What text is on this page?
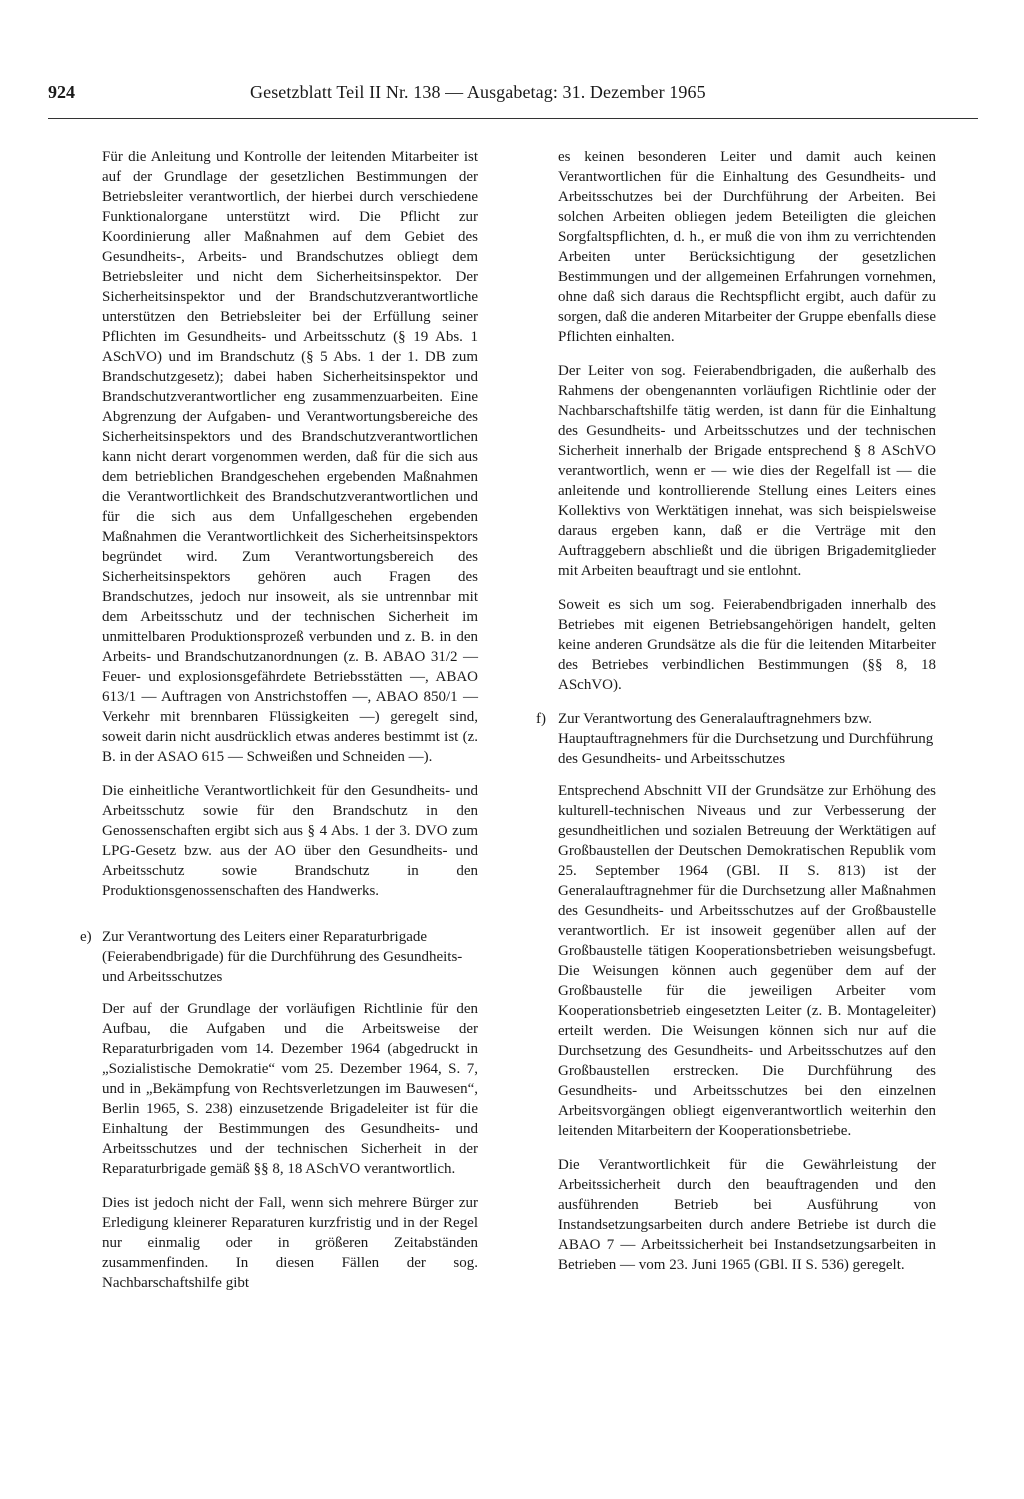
924	Gesetzblatt Teil II Nr. 138 — Ausgabetag: 31. Dezember 1965

Für die Anleitung und Kontrolle der leitenden Mitarbeiter ist auf der Grundlage der gesetzlichen Bestimmungen der Betriebsleiter verantwortlich, der hierbei durch verschiedene Funktionalorgane unterstützt wird. Die Pflicht zur Koordinierung aller Maßnahmen auf dem Gebiet des Gesundheits-, Arbeits- und Brandschutzes obliegt dem Betriebsleiter und nicht dem Sicherheitsinspektor. Der Sicherheitsinspektor und der Brandschutzverantwortliche unterstützen den Betriebsleiter bei der Erfüllung seiner Pflichten im Gesundheits- und Arbeitsschutz (§ 19 Abs. 1 ASchVO) und im Brandschutz (§ 5 Abs. 1 der 1. DB zum Brandschutzgesetz); dabei haben Sicherheitsinspektor und Brandschutzverantwortlicher eng zusammenzuarbeiten. Eine Abgrenzung der Aufgaben- und Verantwortungsbereiche des Sicherheitsinspektors und des Brandschutzverantwortlichen kann nicht derart vorgenommen werden, daß für die sich aus dem betrieblichen Brandgeschehen ergebenden Maßnahmen die Verantwortlichkeit des Brandschutzverantwortlichen und für die sich aus dem Unfallgeschehen ergebenden Maßnahmen die Verantwortlichkeit des Sicherheitsinspektors begründet wird. Zum Verantwortungsbereich des Sicherheitsinspektors gehören auch Fragen des Brandschutzes, jedoch nur insoweit, als sie untrennbar mit dem Arbeitsschutz und der technischen Sicherheit im unmittelbaren Produktionsprozeß verbunden und z. B. in den Arbeits- und Brandschutzanordnungen (z. B. ABAO 31/2 — Feuer- und explosionsgefährdete Betriebsstätten —, ABAO 613/1 — Auftragen von Anstrichstoffen —, ABAO 850/1 — Verkehr mit brennbaren Flüssigkeiten —) geregelt sind, soweit darin nicht ausdrücklich etwas anderes bestimmt ist (z. B. in der ASAO 615 — Schweißen und Schneiden —).

Die einheitliche Verantwortlichkeit für den Gesundheits- und Arbeitsschutz sowie für den Brandschutz in den Genossenschaften ergibt sich aus § 4 Abs. 1 der 3. DVO zum LPG-Gesetz bzw. aus der AO über den Gesundheits- und Arbeitsschutz sowie Brandschutz in den Produktionsgenossenschaften des Handwerks.

e) Zur Verantwortung des Leiters einer Reparaturbrigade (Feierabendbrigade) für die Durchführung des Gesundheits- und Arbeitsschutzes

Der auf der Grundlage der vorläufigen Richtlinie für den Aufbau, die Aufgaben und die Arbeitsweise der Reparaturbrigaden vom 14. Dezember 1964 (abgedruckt in „Sozialistische Demokratie“ vom 25. Dezember 1964, S. 7, und in „Bekämpfung von Rechtsverletzungen im Bauwesen“, Berlin 1965, S. 238) einzusetzende Brigadeleiter ist für die Einhaltung der Bestimmungen des Gesundheits- und Arbeitsschutzes und der technischen Sicherheit in der Reparaturbrigade gemäß §§ 8, 18 ASchVO verantwortlich.

Dies ist jedoch nicht der Fall, wenn sich mehrere Bürger zur Erledigung kleinerer Reparaturen kurzfristig und in der Regel nur einmalig oder in größeren Zeitabständen zusammenfinden. In diesen Fällen der sog. Nachbarschaftshilfe gibt

es keinen besonderen Leiter und damit auch keinen Verantwortlichen für die Einhaltung des Gesundheits- und Arbeitsschutzes bei der Durchführung der Arbeiten. Bei solchen Arbeiten obliegen jedem Beteiligten die gleichen Sorgfaltspflichten, d. h., er muß die von ihm zu verrichtenden Arbeiten unter Berücksichtigung der gesetzlichen Bestimmungen und der allgemeinen Erfahrungen vornehmen, ohne daß sich daraus die Rechtspflicht ergibt, auch dafür zu sorgen, daß die anderen Mitarbeiter der Gruppe ebenfalls diese Pflichten einhalten.

Der Leiter von sog. Feierabendbrigaden, die außerhalb des Rahmens der obengenannten vorläufigen Richtlinie oder der Nachbarschaftshilfe tätig werden, ist dann für die Einhaltung des Gesundheits- und Arbeitsschutzes und der technischen Sicherheit innerhalb der Brigade entsprechend § 8 ASchVO verantwortlich, wenn er — wie dies der Regelfall ist — die anleitende und kontrollierende Stellung eines Leiters eines Kollektivs von Werktätigen innehat, was sich beispielsweise daraus ergeben kann, daß er die Verträge mit den Auftraggebern abschließt und die übrigen Brigademitglieder mit Arbeiten beauftragt und sie entlohnt.

Soweit es sich um sog. Feierabendbrigaden innerhalb des Betriebes mit eigenen Betriebsangehörigen handelt, gelten keine anderen Grundsätze als die für die leitenden Mitarbeiter des Betriebes verbindlichen Bestimmungen (§§ 8, 18 ASchVO).

f) Zur Verantwortung des Generalauftragnehmers bzw. Hauptauftragnehmers für die Durchsetzung und Durchführung des Gesundheits- und Arbeitsschutzes

Entsprechend Abschnitt VII der Grundsätze zur Erhöhung des kulturell-technischen Niveaus und zur Verbesserung der gesundheitlichen und sozialen Betreuung der Werktätigen auf Großbaustellen der Deutschen Demokratischen Republik vom 25. September 1964 (GBl. II S. 813) ist der Generalauftragnehmer für die Durchsetzung aller Maßnahmen des Gesundheits- und Arbeitsschutzes auf der Großbaustelle verantwortlich. Er ist insoweit gegenüber allen auf der Großbaustelle tätigen Kooperationsbetrieben weisungsbefugt. Die Weisungen können auch gegenüber dem auf der Großbaustelle für die jeweiligen Arbeiter vom Kooperationsbetrieb eingesetzten Leiter (z. B. Montageleiter) erteilt werden. Die Weisungen können sich nur auf die Durchsetzung des Gesundheits- und Arbeitsschutzes auf den Großbaustellen erstrecken. Die Durchführung des Gesundheits- und Arbeitsschutzes bei den einzelnen Arbeitsvorgängen obliegt eigenverantwortlich weiterhin den leitenden Mitarbeitern der Kooperationsbetriebe.

Die Verantwortlichkeit für die Gewährleistung der Arbeitssicherheit durch den beauftragenden und den ausführenden Betrieb bei Ausführung von Instandsetzungsarbeiten durch andere Betriebe ist durch die ABAO 7 — Arbeitssicherheit bei Instandsetzungsarbeiten in Betrieben — vom 23. Juni 1965 (GBl. II S. 536) geregelt.
